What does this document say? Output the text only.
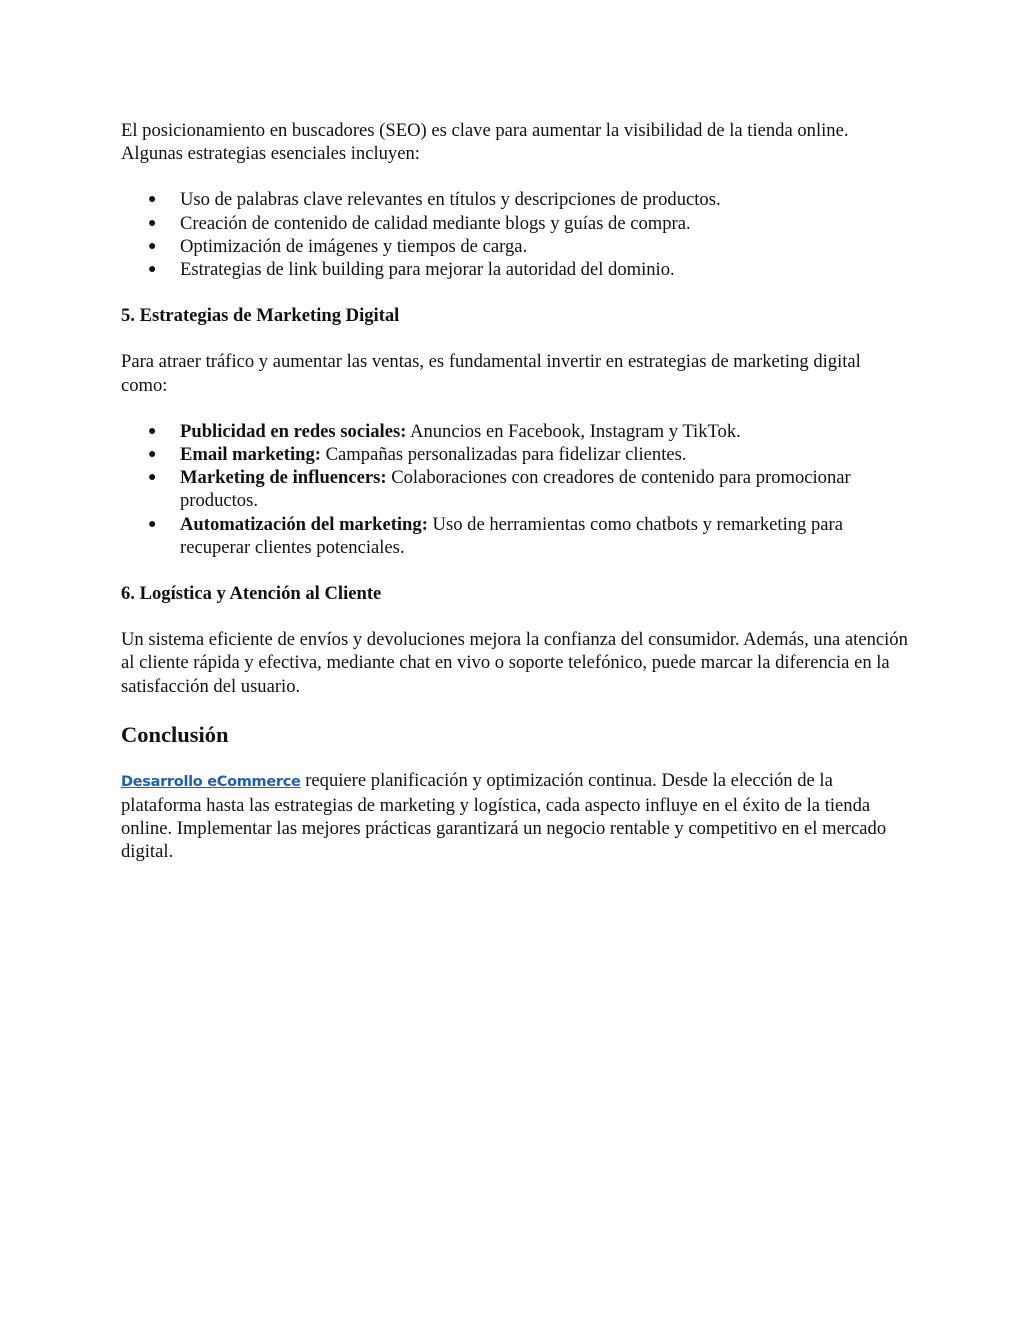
El posicionamiento en buscadores (SEO) es clave para aumentar la visibilidad de la tienda online. Algunas estrategias esenciales incluyen:

● Uso de palabras clave relevantes en títulos y descripciones de productos.
● Creación de contenido de calidad mediante blogs y guías de compra.
● Optimización de imágenes y tiempos de carga.
● Estrategias de link building para mejorar la autoridad del dominio.

5. Estrategias de Marketing Digital

Para atraer tráfico y aumentar las ventas, es fundamental invertir en estrategias de marketing digital como:

● Publicidad en redes sociales: Anuncios en Facebook, Instagram y TikTok.
● Email marketing: Campañas personalizadas para fidelizar clientes.
● Marketing de influencers: Colaboraciones con creadores de contenido para promocionar productos.
● Automatización del marketing: Uso de herramientas como chatbots y remarketing para recuperar clientes potenciales.

6. Logística y Atención al Cliente

Un sistema eficiente de envíos y devoluciones mejora la confianza del consumidor. Además, una atención al cliente rápida y efectiva, mediante chat en vivo o soporte telefónico, puede marcar la diferencia en la satisfacción del usuario.

Conclusión

Desarrollo eCommerce requiere planificación y optimización continua. Desde la elección de la plataforma hasta las estrategias de marketing y logística, cada aspecto influye en el éxito de la tienda online. Implementar las mejores prácticas garantizará un negocio rentable y competitivo en el mercado digital.
